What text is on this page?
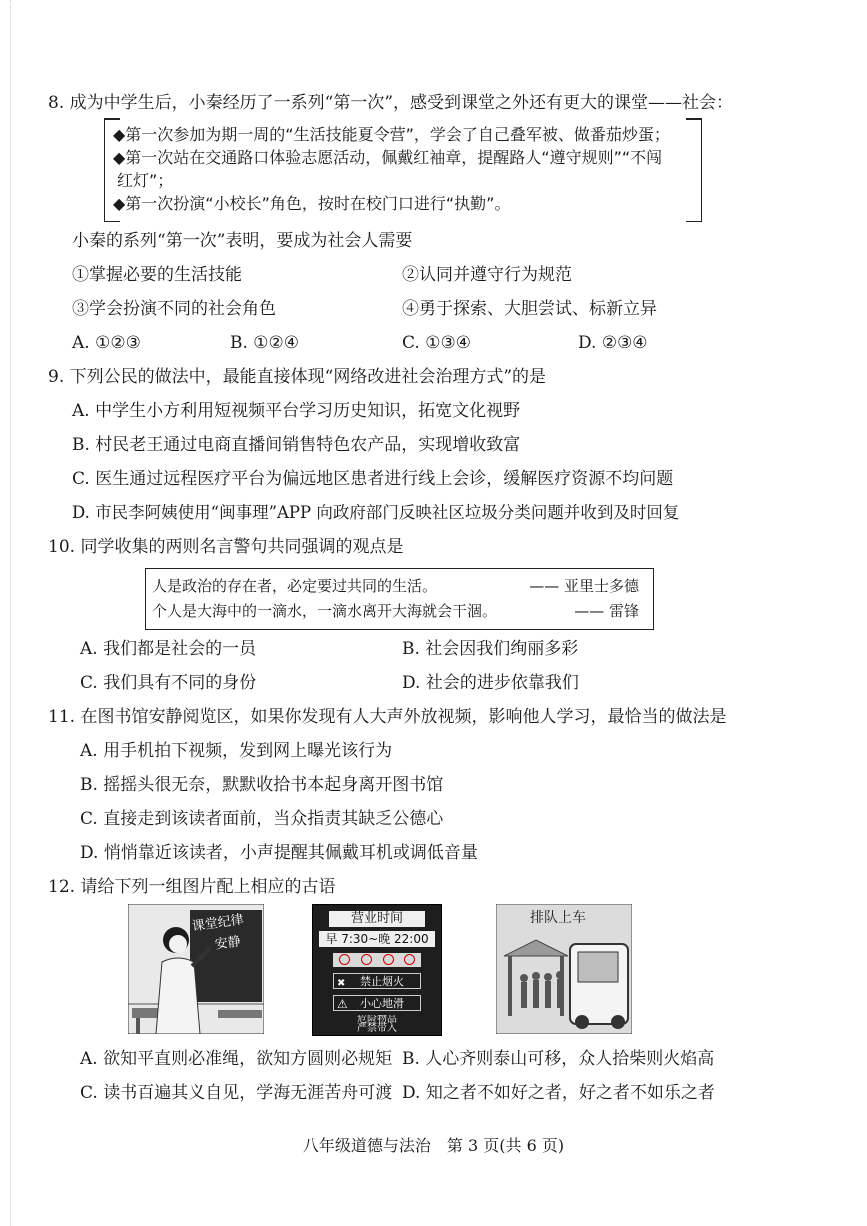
8. 成为中学生后，小秦经历了一系列“第一次”，感受到课堂之外还有更大的课堂——社会：
◆第一次参加为期一周的“生活技能夏令营”，学会了自己叠军被、做番茄炒蛋；
◆第一次站在交通路口体验志愿活动，佩戴红袖章，提醒路人“遵守规则”“不闯
红灯”；
◆第一次扮演“小校长”角色，按时在校门口进行“执勤”。
小秦的系列“第一次”表明，要成为社会人需要
①掌握必要的生活技能	②认同并遵守行为规范
③学会扮演不同的社会角色	④勇于探索、大胆尝试、标新立异
A. ①②③	B. ①②④	C. ①③④	D. ②③④
9. 下列公民的做法中，最能直接体现“网络改进社会治理方式”的是
A. 中学生小方利用短视频平台学习历史知识，拓宽文化视野
B. 村民老王通过电商直播间销售特色农产品，实现增收致富
C. 医生通过远程医疗平台为偏远地区患者进行线上会诊，缓解医疗资源不均问题
D. 市民李阿姨使用“闽事理”APP 向政府部门反映社区垃圾分类问题并收到及时回复
10. 同学收集的两则名言警句共同强调的观点是
人是政治的存在者，必定要过共同的生活。	—— 亚里士多德
个人是大海中的一滴水，一滴水离开大海就会干涸。	—— 雷锋
A. 我们都是社会的一员	B. 社会因我们绚丽多彩
C. 我们具有不同的身份	D. 社会的进步依靠我们
11. 在图书馆安静阅览区，如果你发现有人大声外放视频，影响他人学习，最恰当的做法是
A. 用手机拍下视频，发到网上曝光该行为
B. 摇摇头很无奈，默默收拾书本起身离开图书馆
C. 直接走到该读者面前，当众指责其缺乏公德心
D. 悄悄靠近该读者，小声提醒其佩戴耳机或调低音量
12. 请给下列一组图片配上相应的古语
课堂纪律
安静
营业时间
早 7:30~晚 22:00
✖ 禁止烟火
⚠ 小心地滑
危险物品
严禁带入
排队上车
A. 欲知平直则必准绳，欲知方圆则必规矩 B. 人心齐则泰山可移，众人拾柴则火焰高
C. 读书百遍其义自见，学海无涯苦舟可渡 D. 知之者不如好之者，好之者不如乐之者
八年级道德与法治　第 3 页(共 6 页)
